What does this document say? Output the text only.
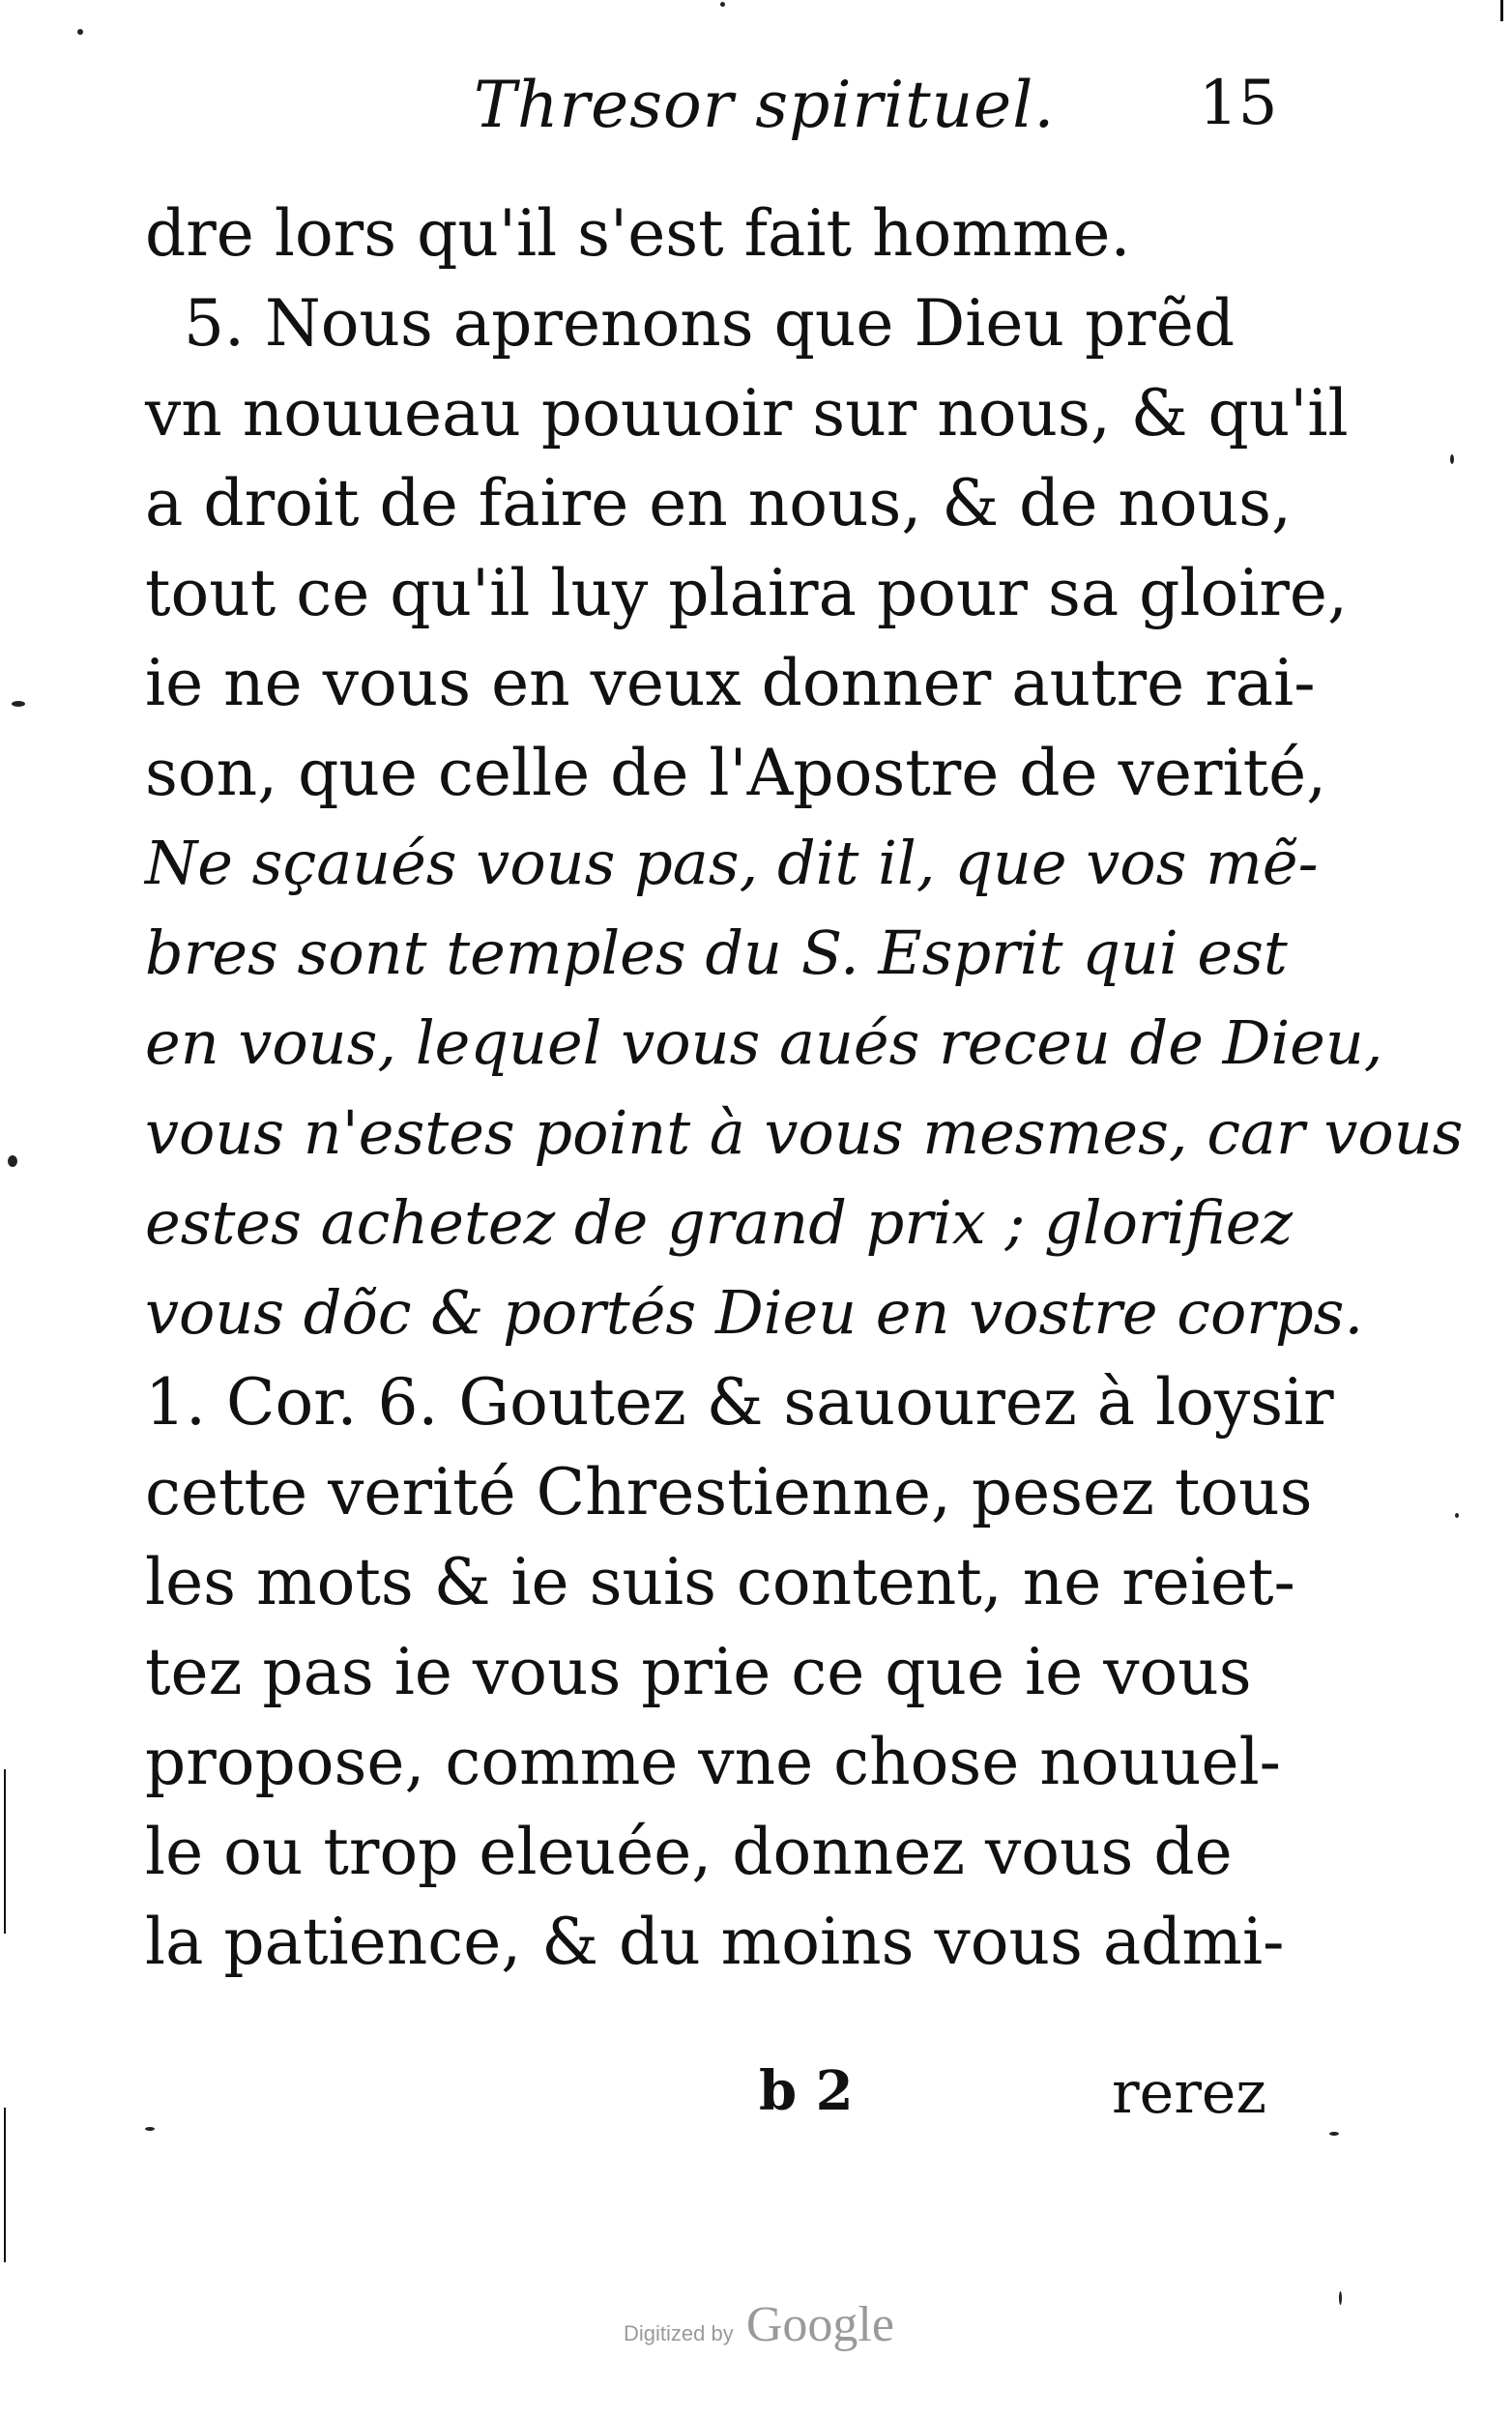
Thresor spirituel. 15
dre lors qu'il s'est fait homme.
5. Nous aprenons que Dieu prẽd
vn nouueau pouuoir sur nous, & qu'il
a droit de faire en nous, & de nous,
tout ce qu'il luy plaira pour sa gloire,
ie ne vous en veux donner autre rai-
son, que celle de l'Apostre de verité,
Ne sçaués vous pas, dit il, que vos mẽ-
bres sont temples du S. Esprit qui est
en vous, lequel vous aués receu de Dieu,
vous n'estes point à vous mesmes, car vous
estes achetez de grand prix ; glorifiez
vous dõc & portés Dieu en vostre corps.
1. Cor. 6. Goutez & sauourez à loysir
cette verité Chrestienne, pesez tous
les mots & ie suis content, ne reiet-
tez pas ie vous prie ce que ie vous
propose, comme vne chose nouuel-
le ou trop eleuée, donnez vous de
la patience, & du moins vous admi-
b 2	rerez
Digitized by Google
